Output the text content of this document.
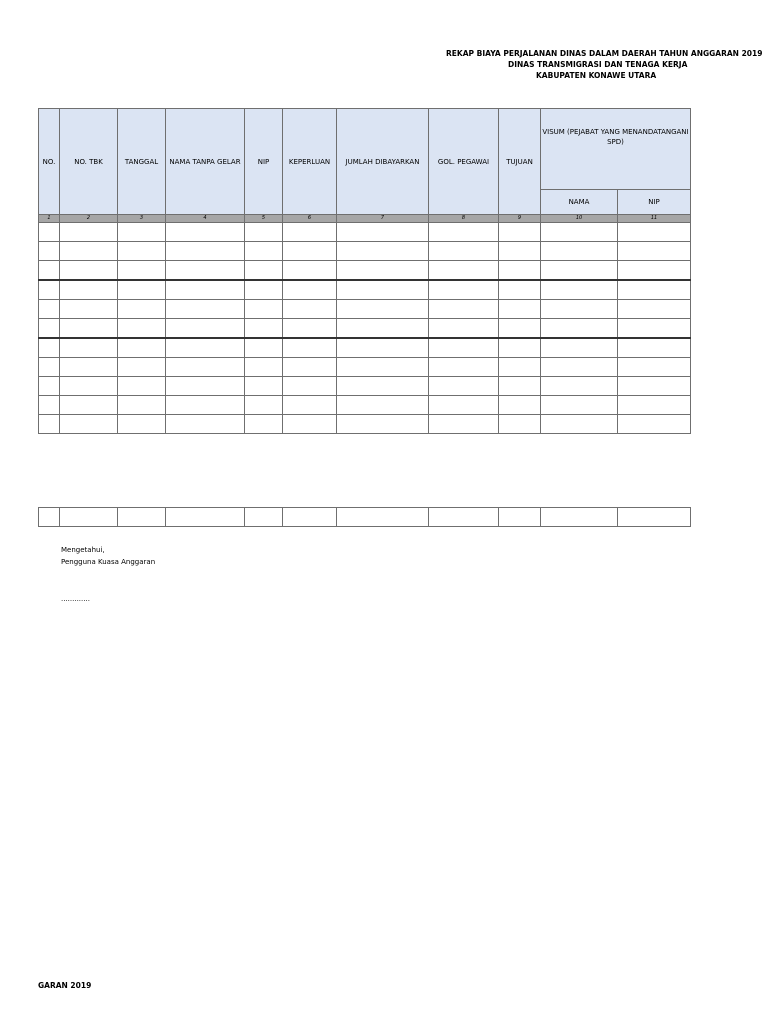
REKAP BIAYA PERJALANAN DINAS DALAM DAERAH TAHUN ANGGARAN 2019
DINAS TRANSMIGRASI DAN TENAGA KERJA
KABUPATEN KONAWE UTARA
NO.	NO. TBK	TANGGAL	NAMA TANPA GELAR	NIP	KEPERLUAN	JUMLAH DIBAYARKAN	GOL. PEGAWAI	TUJUAN	VISUM (PEJABAT YANG MENANDATANGANI SPD)	
									NAMA	NIP
1	2	3	4	5	6	7	8	9	10	11

Mengetahui,
Pengguna Kuasa Anggaran
.............
GARAN 2019
